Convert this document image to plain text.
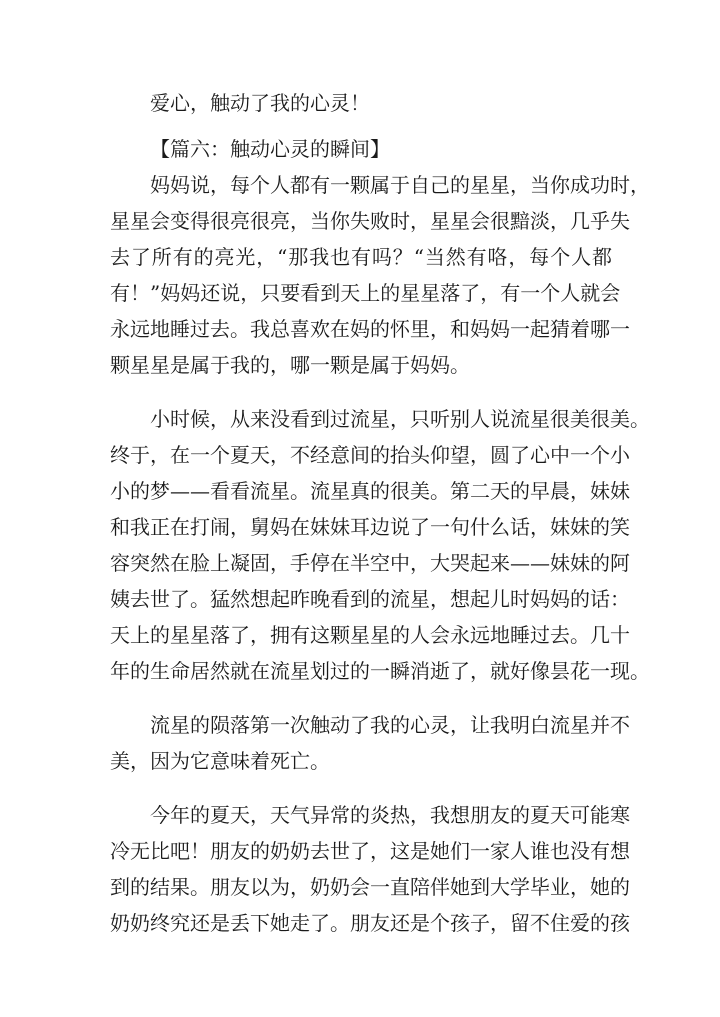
爱心，触动了我的心灵！
【篇六：触动心灵的瞬间】
妈妈说，每个人都有一颗属于自己的星星，当你成功时，
星星会变得很亮很亮，当你失败时，星星会很黯淡，几乎失
去了所有的亮光，“那我也有吗？“当然有咯，每个人都
有！”妈妈还说，只要看到天上的星星落了，有一个人就会
永远地睡过去。我总喜欢在妈的怀里，和妈妈一起猜着哪一
颗星星是属于我的，哪一颗是属于妈妈。
小时候，从来没看到过流星，只听别人说流星很美很美。
终于，在一个夏天，不经意间的抬头仰望，圆了心中一个小
小的梦——看看流星。流星真的很美。第二天的早晨，妹妹
和我正在打闹，舅妈在妹妹耳边说了一句什么话，妹妹的笑
容突然在脸上凝固，手停在半空中，大哭起来——妹妹的阿
姨去世了。猛然想起昨晚看到的流星，想起儿时妈妈的话：
天上的星星落了，拥有这颗星星的人会永远地睡过去。几十
年的生命居然就在流星划过的一瞬消逝了，就好像昙花一现。
流星的陨落第一次触动了我的心灵，让我明白流星并不
美，因为它意味着死亡。
今年的夏天，天气异常的炎热，我想朋友的夏天可能寒
冷无比吧！朋友的奶奶去世了，这是她们一家人谁也没有想
到的结果。朋友以为，奶奶会一直陪伴她到大学毕业，她的
奶奶终究还是丢下她走了。朋友还是个孩子，留不住爱的孩
